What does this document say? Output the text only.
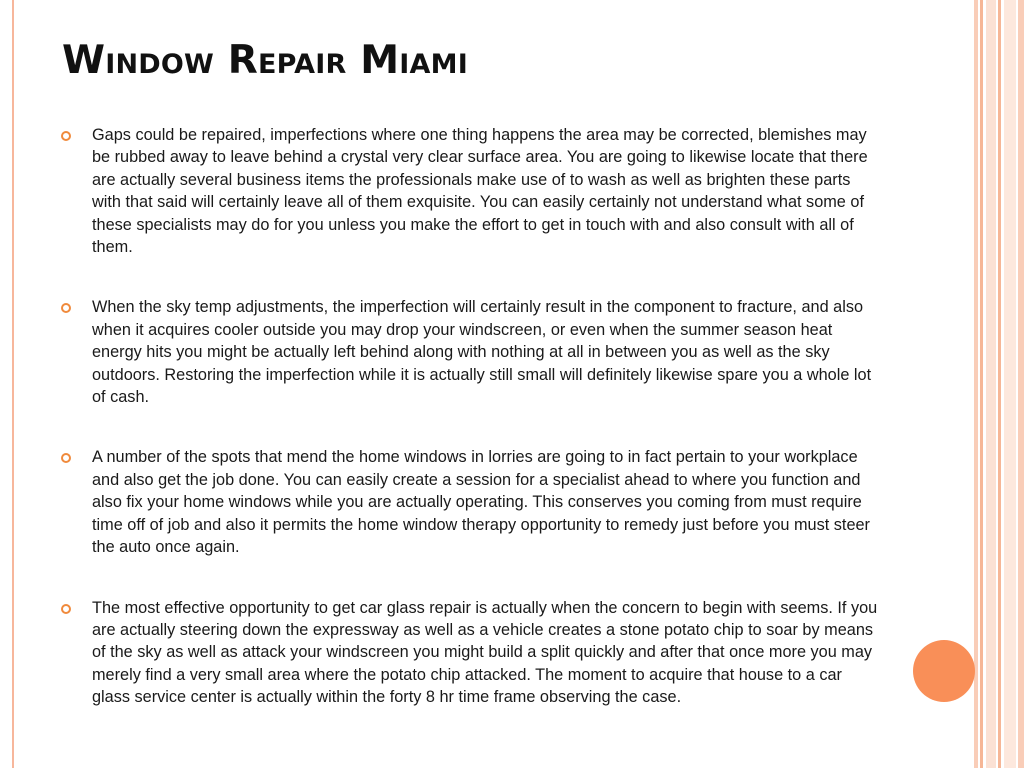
Window Repair Miami
Gaps could be repaired, imperfections where one thing happens the area may be corrected, blemishes may be rubbed away to leave behind a crystal very clear surface area. You are going to likewise locate that there are actually several business items the professionals make use of to wash as well as brighten these parts with that said will certainly leave all of them exquisite. You can easily certainly not understand what some of these specialists may do for you unless you make the effort to get in touch with and also consult with all of them.
When the sky temp adjustments, the imperfection will certainly result in the component to fracture, and also when it acquires cooler outside you may drop your windscreen, or even when the summer season heat energy hits you might be actually left behind along with nothing at all in between you as well as the sky outdoors. Restoring the imperfection while it is actually still small will definitely likewise spare you a whole lot of cash.
A number of the spots that mend the home windows in lorries are going to in fact pertain to your workplace and also get the job done. You can easily create a session for a specialist ahead to where you function and also fix your home windows while you are actually operating. This conserves you coming from must require time off of job and also it permits the home window therapy opportunity to remedy just before you must steer the auto once again.
The most effective opportunity to get car glass repair is actually when the concern to begin with seems. If you are actually steering down the expressway as well as a vehicle creates a stone potato chip to soar by means of the sky as well as attack your windscreen you might build a split quickly and after that once more you may merely find a very small area where the potato chip attacked. The moment to acquire that house to a car glass service center is actually within the forty 8 hr time frame observing the case.
